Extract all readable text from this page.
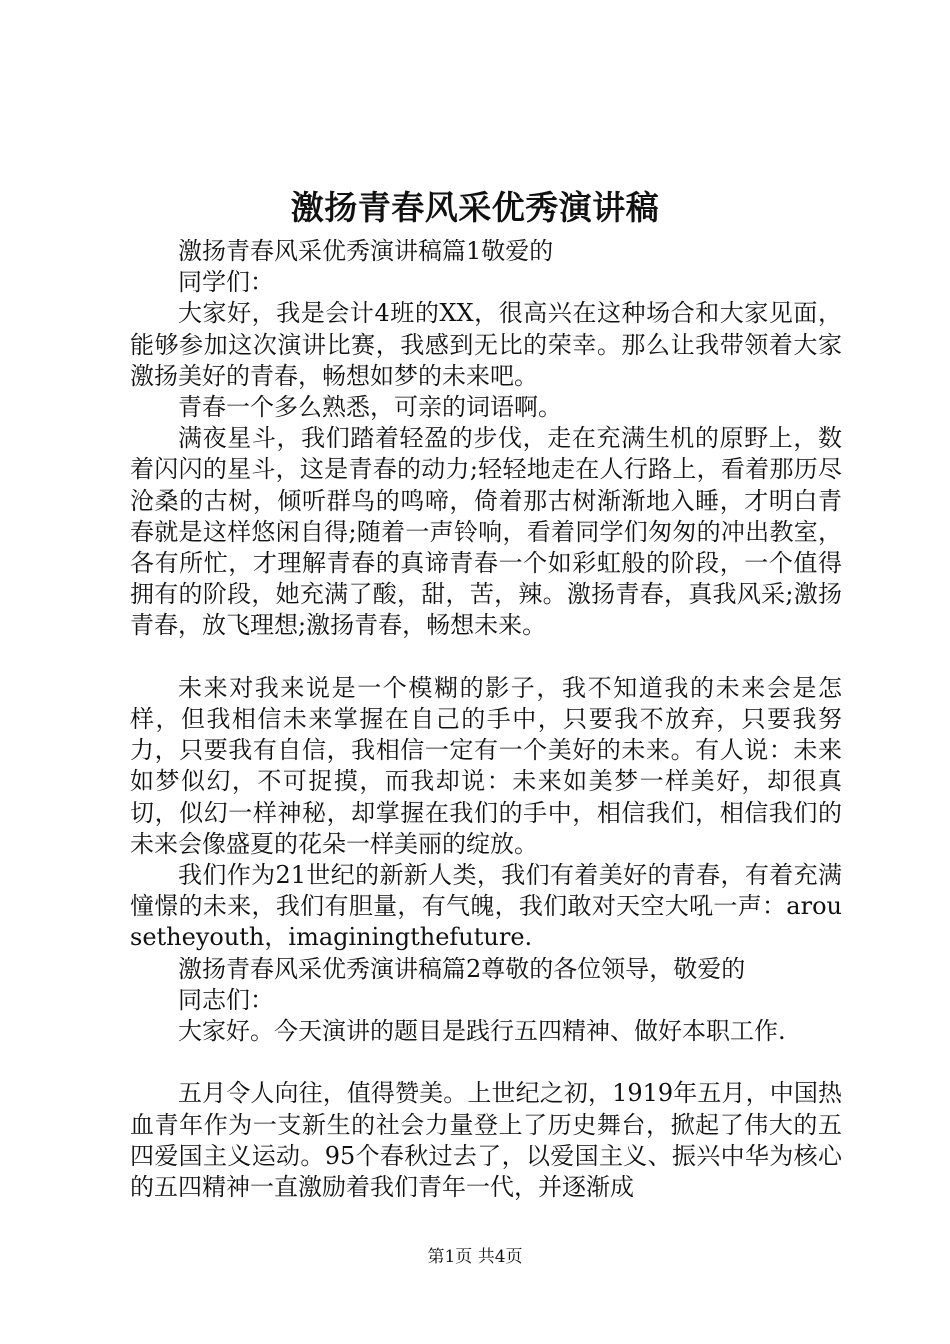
激扬青春风采优秀演讲稿

激扬青春风采优秀演讲稿篇1敬爱的

同学们：

大家好，我是会计4班的XX，很高兴在这种场合和大家见面，能够参加这次演讲比赛，我感到无比的荣幸。那么让我带领着大家激扬美好的青春，畅想如梦的未来吧。

青春一个多么熟悉，可亲的词语啊。

满夜星斗，我们踏着轻盈的步伐，走在充满生机的原野上，数着闪闪的星斗，这是青春的动力;轻轻地走在人行路上，看着那历尽沧桑的古树，倾听群鸟的鸣啼，倚着那古树渐渐地入睡，才明白青春就是这样悠闲自得;随着一声铃响，看着同学们匆匆的冲出教室，各有所忙，才理解青春的真谛青春一个如彩虹般的阶段，一个值得拥有的阶段，她充满了酸，甜，苦，辣。激扬青春，真我风采;激扬青春，放飞理想;激扬青春，畅想未来。

未来对我来说是一个模糊的影子，我不知道我的未来会是怎样，但我相信未来掌握在自己的手中，只要我不放弃，只要我努力，只要我有自信，我相信一定有一个美好的未来。有人说：未来如梦似幻，不可捉摸，而我却说：未来如美梦一样美好，却很真切，似幻一样神秘，却掌握在我们的手中，相信我们，相信我们的未来会像盛夏的花朵一样美丽的绽放。

我们作为21世纪的新新人类，我们有着美好的青春，有着充满憧憬的未来，我们有胆量，有气魄，我们敢对天空大吼一声：arousetheyouth，imaginingthefuture.

激扬青春风采优秀演讲稿篇2尊敬的各位领导，敬爱的

同志们：

大家好。今天演讲的题目是践行五四精神、做好本职工作.

五月令人向往，值得赞美。上世纪之初，1919年五月，中国热血青年作为一支新生的社会力量登上了历史舞台，掀起了伟大的五四爱国主义运动。95个春秋过去了，以爱国主义、振兴中华为核心的五四精神一直激励着我们青年一代，并逐渐成

第1页 共4页
